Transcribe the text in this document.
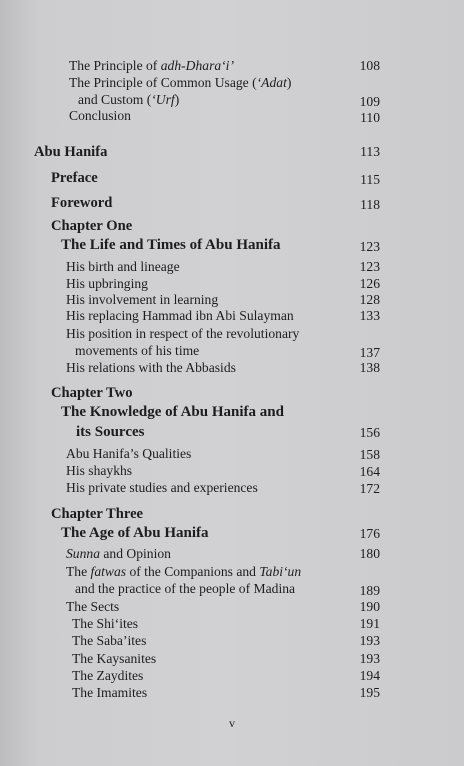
The Principle of adh-Dhara‘i’	108
The Principle of Common Usage (‘Adat)
and Custom (‘Urf)	109
Conclusion	110
Abu Hanifa	113
Preface	115
Foreword	118
Chapter One
The Life and Times of Abu Hanifa	123
His birth and lineage	123
His upbringing	126
His involvement in learning	128
His replacing Hammad ibn Abi Sulayman	133
His position in respect of the revolutionary
movements of his time	137
His relations with the Abbasids	138
Chapter Two
The Knowledge of Abu Hanifa and
its Sources	156
Abu Hanifa’s Qualities	158
His shaykhs	164
His private studies and experiences	172
Chapter Three
The Age of Abu Hanifa	176
Sunna and Opinion	180
The fatwas of the Companions and Tabi‘un
and the practice of the people of Madina	189
The Sects	190
The Shi‘ites	191
The Saba’ites	193
The Kaysanites	193
The Zaydites	194
The Imamites	195
v
